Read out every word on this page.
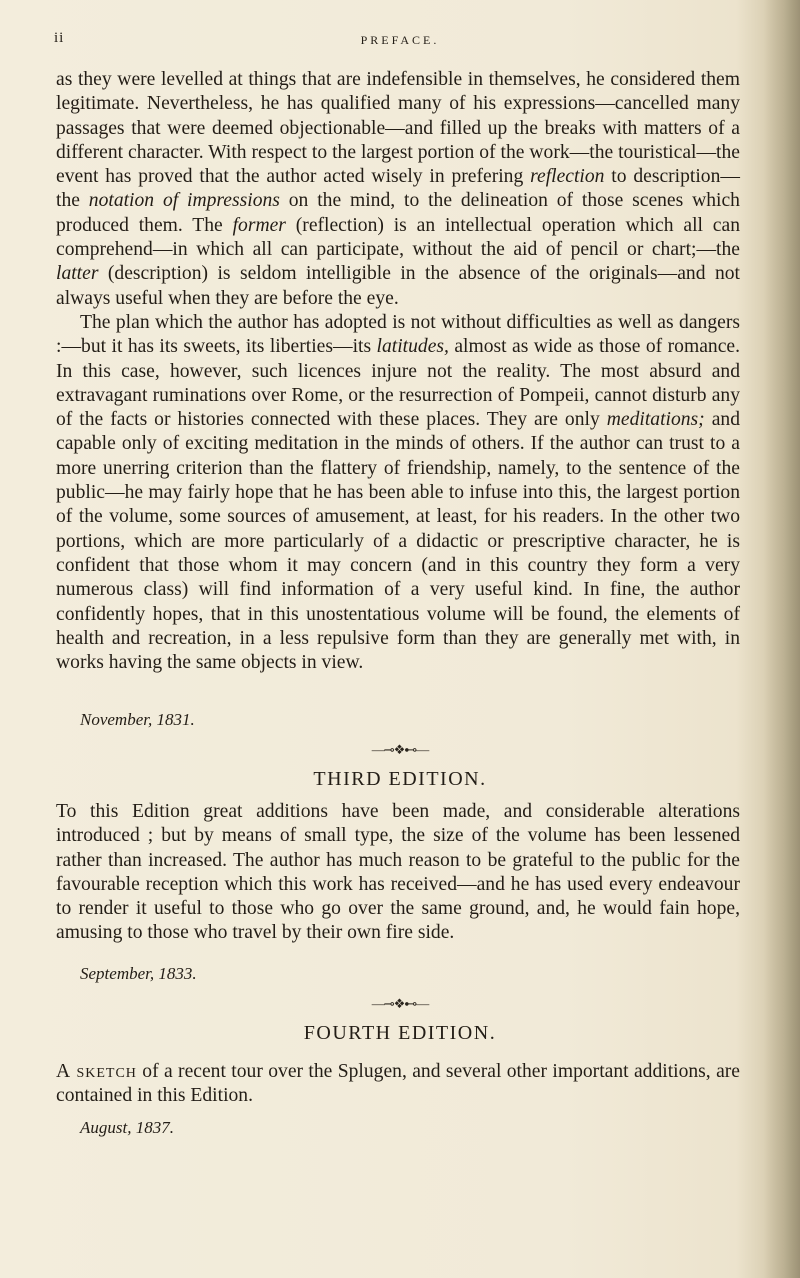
ii	PREFACE.

as they were levelled at things that are indefensible in themselves, he considered them legitimate. Nevertheless, he has qualified many of his expressions—cancelled many passages that were deemed objectionable—and filled up the breaks with matters of a different character. With respect to the largest portion of the work—the touristical—the event has proved that the author acted wisely in prefering reflection to description—the notation of impressions on the mind, to the delineation of those scenes which produced them. The former (reflection) is an intellectual operation which all can comprehend—in which all can participate, without the aid of pencil or chart;—the latter (description) is seldom intelligible in the absence of the originals—and not always useful when they are before the eye.

The plan which the author has adopted is not without difficulties as well as dangers :—but it has its sweets, its liberties—its latitudes, almost as wide as those of romance. In this case, however, such licences injure not the reality. The most absurd and extravagant ruminations over Rome, or the resurrection of Pompeii, cannot disturb any of the facts or histories connected with these places. They are only meditations; and capable only of exciting meditation in the minds of others. If the author can trust to a more unerring criterion than the flattery of friendship, namely, to the sentence of the public—he may fairly hope that he has been able to infuse into this, the largest portion of the volume, some sources of amusement, at least, for his readers. In the other two portions, which are more particularly of a didactic or prescriptive character, he is confident that those whom it may concern (and in this country they form a very numerous class) will find information of a very useful kind. In fine, the author confidently hopes, that in this unostentatious volume will be found, the elements of health and recreation, in a less repulsive form than they are generally met with, in works having the same objects in view.

November, 1831.
—⊸❖⊷—
THIRD EDITION.

To this Edition great additions have been made, and considerable alterations introduced ; but by means of small type, the size of the volume has been lessened rather than increased. The author has much reason to be grateful to the public for the favourable reception which this work has received—and he has used every endeavour to render it useful to those who go over the same ground, and, he would fain hope, amusing to those who travel by their own fire side.

September, 1833.
—⊸❖⊷—
FOURTH EDITION.

A sketch of a recent tour over the Splugen, and several other important additions, are contained in this Edition.

August, 1837.
